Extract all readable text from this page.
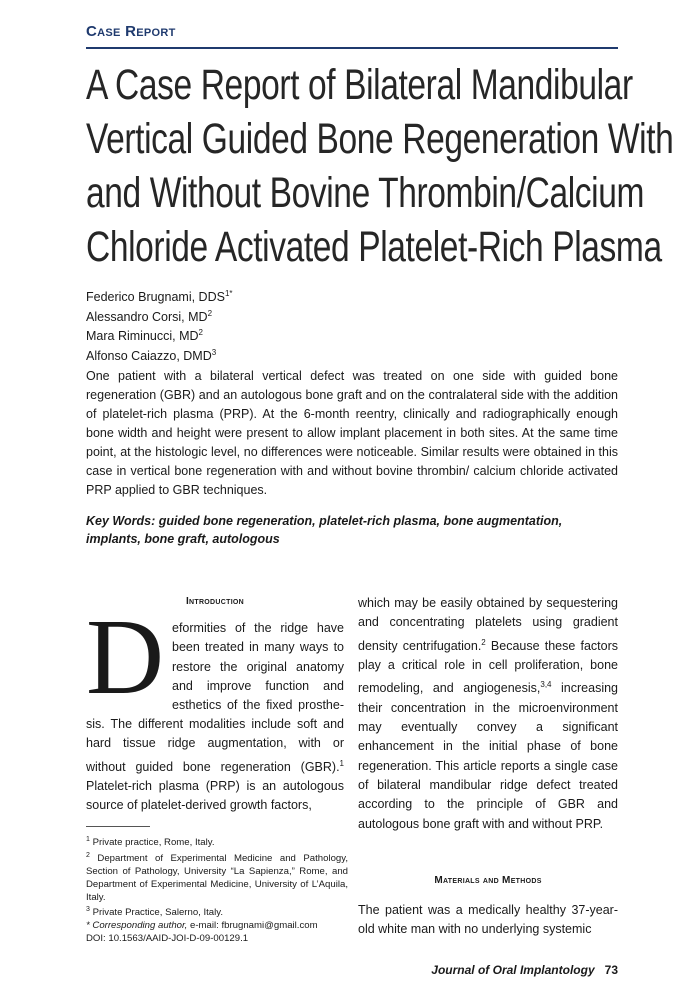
Case Report
A Case Report of Bilateral Mandibular
Vertical Guided Bone Regeneration With
and Without Bovine Thrombin/Calcium
Chloride Activated Platelet-Rich Plasma
Federico Brugnami, $DDS^{1*}$
Alessandro Corsi, $MD^2$
Mara Riminucci, $MD^2$
Alfonso Caiazzo, DMD$^3$
One patient with a bilateral vertical defect was treated on one side with guided bone regeneration (GBR) and an autologous bone graft and on the contralateral side with the addition of platelet-rich plasma (PRP). At the 6-month reentry, clinically and radiographically enough bone width and height were present to allow implant placement in both sites. At the same time point, at the histologic level, no differences were noticeable. Similar results were obtained in this case in vertical bone regeneration with and without bovine thrombin/ calcium chloride activated PRP applied to GBR techniques.
Key Words: guided bone regeneration, platelet-rich plasma, bone augmentation, implants, bone graft, autologous
Introduction
D eformities of the ridge have
been treated in many ways to
restore the original anatomy
and improve function and
esthetics of the fixed prosthe-
sis. The different modalities include soft and hard tissue ridge augmentation, with or without guided bone regeneration (GBR).$^1$ Platelet-rich plasma (PRP) is an autologous source of platelet-derived growth factors,
$^1$ Private practice, Rome, Italy.
$^2$ Department of Experimental Medicine and Pathology, Section of Pathology, University “La Sapienza,” Rome, and Department of Experimental Medicine, University of L’Aquila, Italy.
$^3$ Private Practice, Salerno, Italy.
* Corresponding author, e-mail: fbrugnami@gmail.com
DOI: 10.1563/AAID-JOI-D-09-00129.1
which may be easily obtained by sequestering and concentrating platelets using gradient density centrifugation.$^2$ Because these factors play a critical role in cell proliferation, bone remodeling, and angiogenesis,$^{3,4}$ increasing their concentration in the microenvironment may eventually convey a significant enhancement in the initial phase of bone regeneration. This article reports a single case of bilateral mandibular ridge defect treated according to the principle of GBR and autologous bone graft with and without PRP.
Materials and Methods
The patient was a medically healthy 37-year-old white man with no underlying systemic
Journal of Oral Implantology 73
